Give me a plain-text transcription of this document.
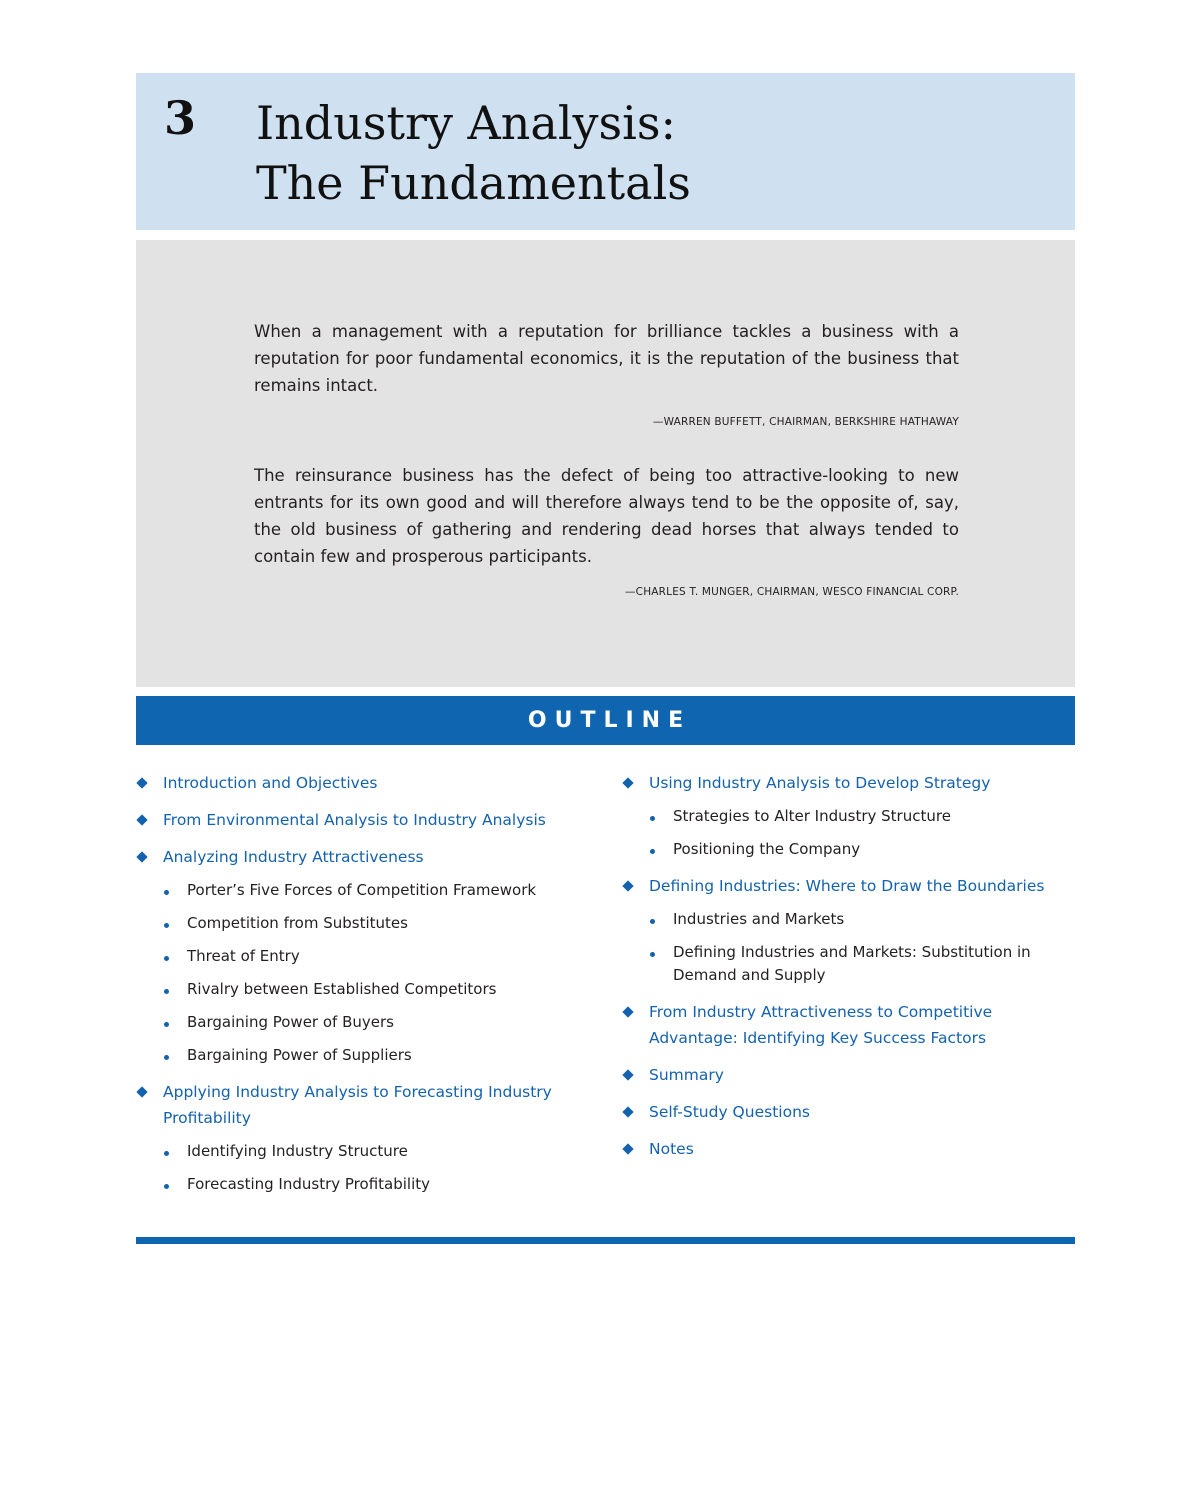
3 Industry Analysis:
The Fundamentals
When a management with a reputation for brilliance tackles a business with a reputation for poor fundamental economics, it is the reputation of the business that remains intact.
—WARREN BUFFETT, CHAIRMAN, BERKSHIRE HATHAWAY
The reinsurance business has the defect of being too attractive-looking to new entrants for its own good and will therefore always tend to be the opposite of, say, the old business of gathering and rendering dead horses that always tended to contain few and prosperous participants.
—CHARLES T. MUNGER, CHAIRMAN, WESCO FINANCIAL CORP.
OUTLINE
Introduction and Objectives
From Environmental Analysis to Industry Analysis
Analyzing Industry Attractiveness
Porter’s Five Forces of Competition Framework
Competition from Substitutes
Threat of Entry
Rivalry between Established Competitors
Bargaining Power of Buyers
Bargaining Power of Suppliers
Applying Industry Analysis to Forecasting Industry Profitability
Identifying Industry Structure
Forecasting Industry Profitability
Using Industry Analysis to Develop Strategy
Strategies to Alter Industry Structure
Positioning the Company
Defining Industries: Where to Draw the Boundaries
Industries and Markets
Defining Industries and Markets: Substitution in Demand and Supply
From Industry Attractiveness to Competitive Advantage: Identifying Key Success Factors
Summary
Self-Study Questions
Notes
